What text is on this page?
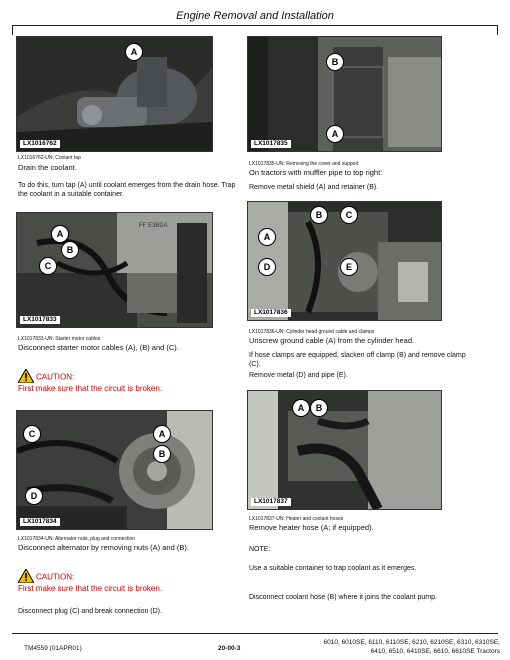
Engine Removal and Installation
A
LX1016762
LX1016762-UN: Coolant tap
Drain the coolant.
To do this, turn tap (A) until coolant emerges from the drain hose. Trap the coolant in a suitable container.
FF E3BDA
A
B
C
LX1017833
LX1017833-UN: Starter motor cables
Disconnect starter motor cables (A), (B) and (C).
CAUTION:
First make sure that the circuit is broken.
C	A
B
D
LX1017834
LX1017834-UN: Alternator nuts, plug and connection
Disconnect alternator by removing nuts (A) and (B).
CAUTION:
First make sure that the circuit is broken.
Disconnect plug (C) and break connection (D).
B
A
LX1017835
LX1017835-UN: Removing the cover and support
On tractors with muffler pipe to top right:
Remove metal shield (A) and retainer (B).
B	C
A
D	E
LX1017836
LX1017836-UN: Cylinder head ground cable and clamps
Unscrew ground cable (A) from the cylinder head.
If hose clamps are equipped, slacken off clamp (B) and remove clamp (C).
Remove metal (D) and pipe (E).
A	B
LX1017837
LX1017837-UN: Heater and coolant hoses
Remove heater hose (A; if equipped).
NOTE:
Use a suitable container to trap coolant as it emerges.
Disconnect coolant hose (B) where it joins the coolant pump.
TM4559 (01APR01)	20-00-3
6010, 6010SE, 6110, 6110SE, 6210, 6210SE, 6310, 6310SE,
6410, 6510, 6410SE, 6610, 6610SE Tractors
